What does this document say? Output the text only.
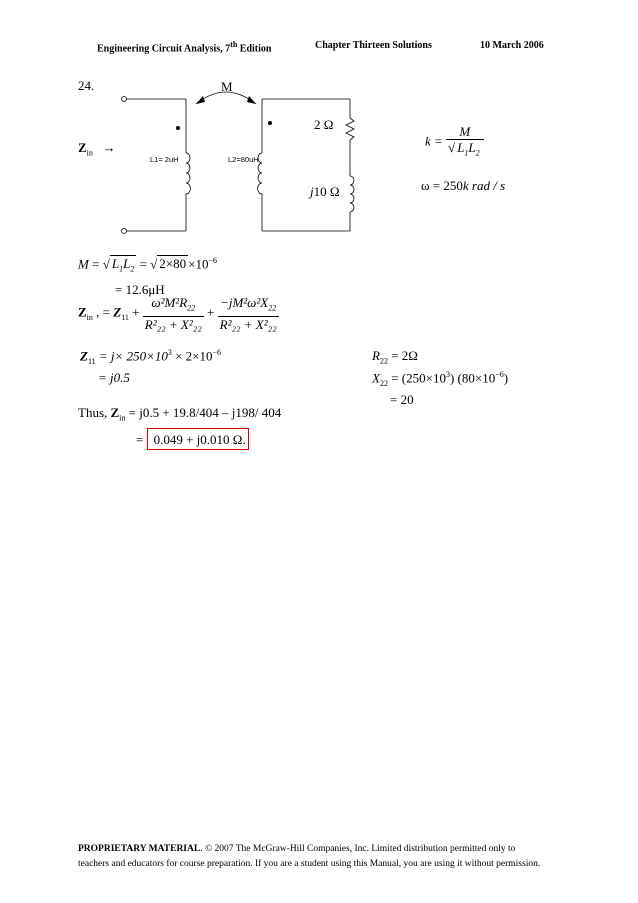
Engineering Circuit Analysis, 7th Edition	Chapter Thirteen Solutions	10 March 2006
24.	M
$Z_{in}$ →
L1= 2uH	L2=80uH
2 Ω
j10 Ω
$k = \frac{M}{√ L_1L_2}$
ω = 250k rad / s
M = √ $L_1L_2$ = √ $2\times 80 \times 10^{-6}$
= 12.6μH
$Z_{in}$ , = $Z_{11} + \frac{\omega^2M^2R_{22}}{\text{R²₂₂ + X²₂₂}} + \frac{-jM^2\omega^2X_{22}}{\text{R²₂₂ + X²₂₂}}$
$Z_{11} = j\times 250\times 10^3 \times 2\times 10^{-6}$
= j0.5
$R_{22} = 2\Omega$
$X_{22} = (250\times 10^3)$ $(80\times 10^{-6})$
= 20
Thus, $Z_{in} = j0.5 + 19.8/404 - j198/$ 404
= 0.049 + j0.010 Ω.
PROPRIETARY MATERIAL. © 2007 The McGraw-Hill Companies, Inc. Limited distribution permitted only to
teachers and educators for course preparation. If you are a student using this Manual, you are using it without permission.
